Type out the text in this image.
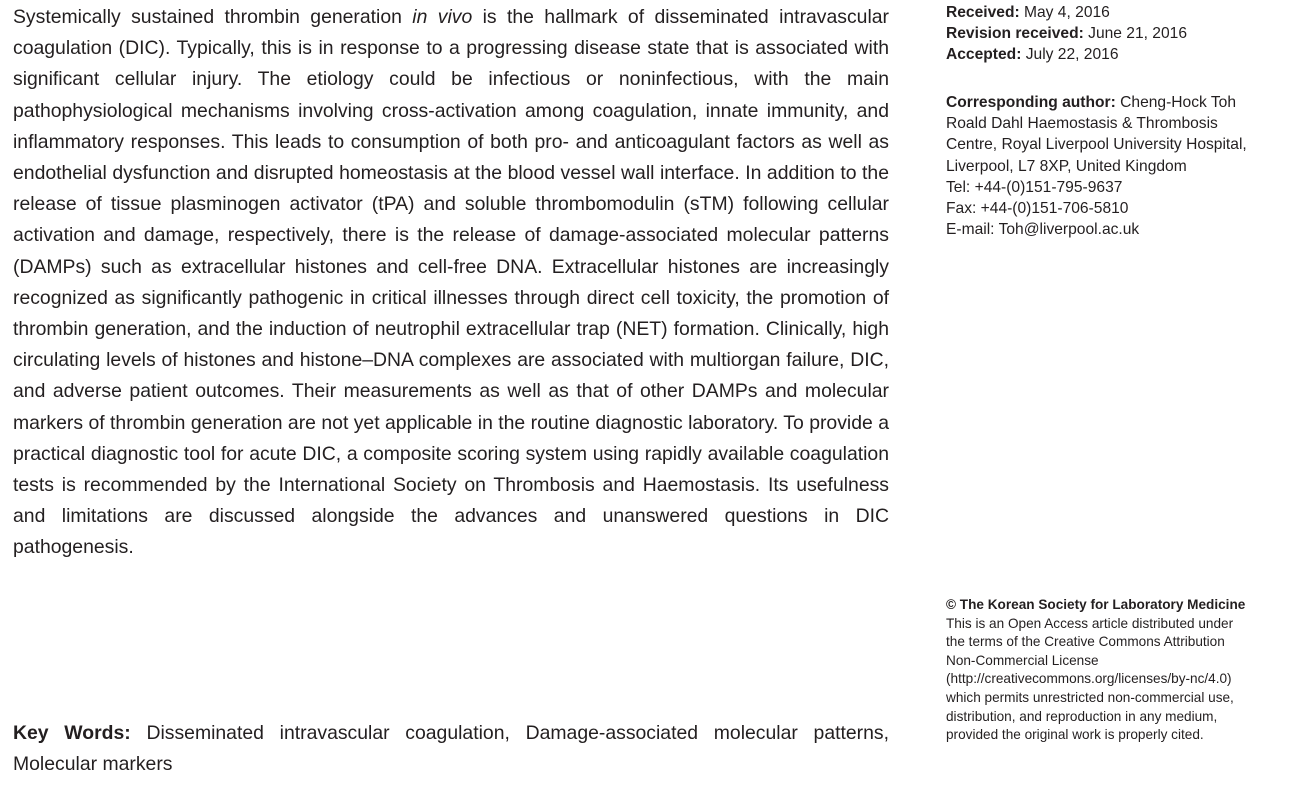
Systemically sustained thrombin generation in vivo is the hallmark of disseminated intravascular coagulation (DIC). Typically, this is in response to a progressing disease state that is associated with significant cellular injury. The etiology could be infectious or noninfectious, with the main pathophysiological mechanisms involving cross-activation among coagulation, innate immunity, and inflammatory responses. This leads to consumption of both pro- and anticoagulant factors as well as endothelial dysfunction and disrupted homeostasis at the blood vessel wall interface. In addition to the release of tissue plasminogen activator (tPA) and soluble thrombomodulin (sTM) following cellular activation and damage, respectively, there is the release of damage-associated molecular patterns (DAMPs) such as extracellular histones and cell-free DNA. Extracellular histones are increasingly recognized as significantly pathogenic in critical illnesses through direct cell toxicity, the promotion of thrombin generation, and the induction of neutrophil extracellular trap (NET) formation. Clinically, high circulating levels of histones and histone–DNA complexes are associated with multiorgan failure, DIC, and adverse patient outcomes. Their measurements as well as that of other DAMPs and molecular markers of thrombin generation are not yet applicable in the routine diagnostic laboratory. To provide a practical diagnostic tool for acute DIC, a composite scoring system using rapidly available coagulation tests is recommended by the International Society on Thrombosis and Haemostasis. Its usefulness and limitations are discussed alongside the advances and unanswered questions in DIC pathogenesis.

Key Words: Disseminated intravascular coagulation, Damage-associated molecular patterns, Molecular markers
Received: May 4, 2016
Revision received: June 21, 2016
Accepted: July 22, 2016
Corresponding author: Cheng-Hock Toh
Roald Dahl Haemostasis & Thrombosis
Centre, Royal Liverpool University Hospital,
Liverpool, L7 8XP, United Kingdom
Tel: +44-(0)151-795-9637
Fax: +44-(0)151-706-5810
E-mail: Toh@liverpool.ac.uk
© The Korean Society for Laboratory Medicine
This is an Open Access article distributed under the terms of the Creative Commons Attribution Non-Commercial License (http://creativecommons.org/licenses/by-nc/4.0) which permits unrestricted non-commercial use, distribution, and reproduction in any medium, provided the original work is properly cited.
